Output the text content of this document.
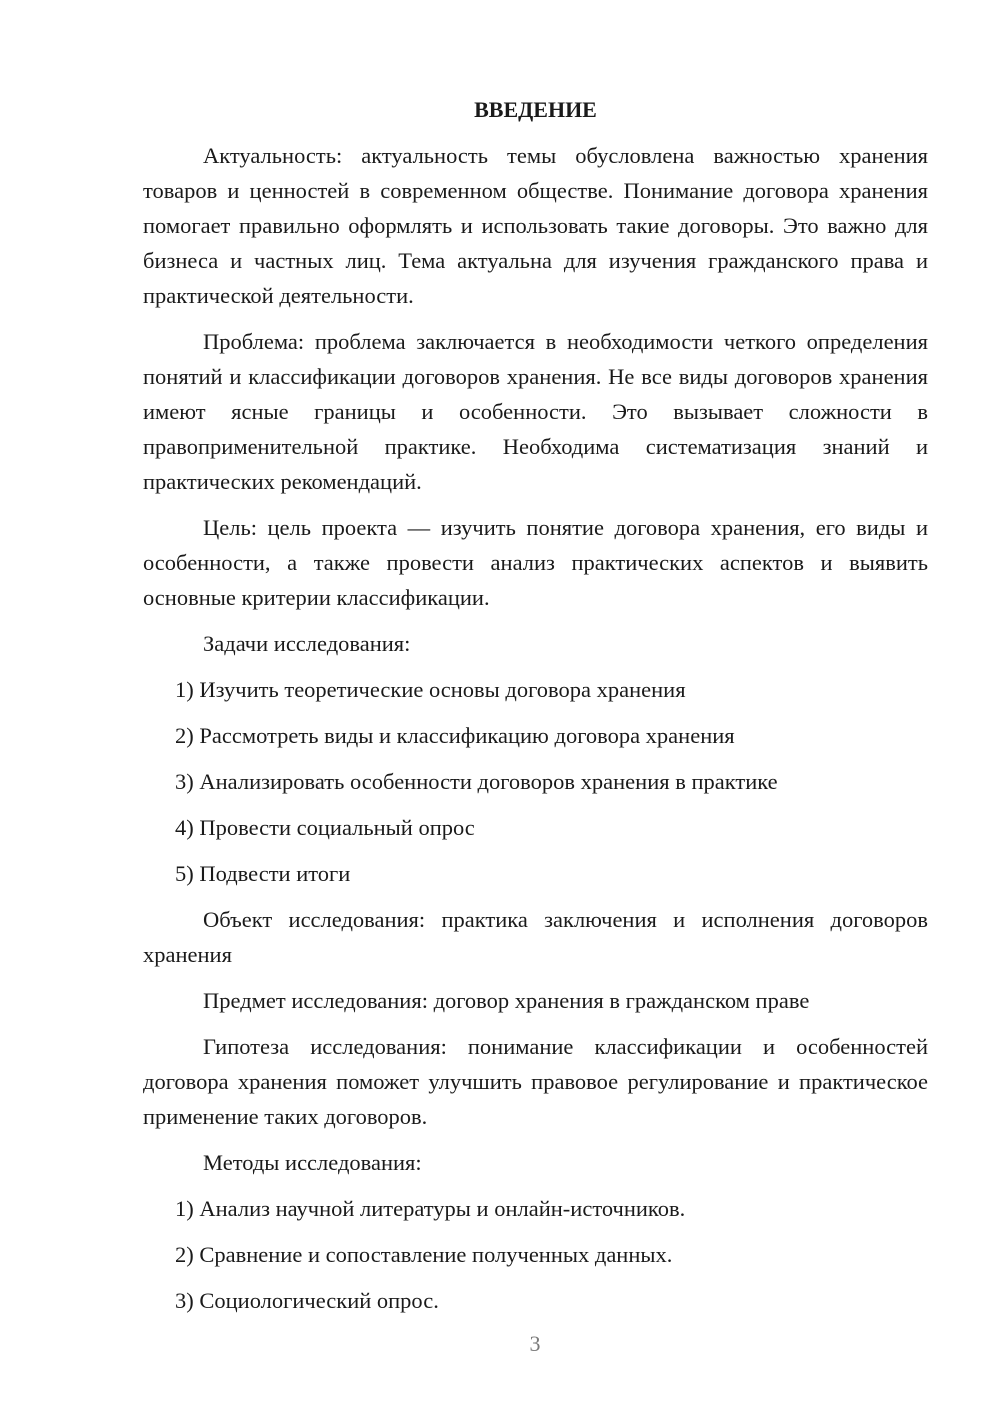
ВВЕДЕНИЕ

Актуальность: актуальность темы обусловлена важностью хранения товаров и ценностей в современном обществе. Понимание договора хранения помогает правильно оформлять и использовать такие договоры. Это важно для бизнеса и частных лиц. Тема актуальна для изучения гражданского права и практической деятельности.

Проблема: проблема заключается в необходимости четкого определения понятий и классификации договоров хранения. Не все виды договоров хранения имеют ясные границы и особенности. Это вызывает сложности в правоприменительной практике. Необходима систематизация знаний и практических рекомендаций.

Цель: цель проекта — изучить понятие договора хранения, его виды и особенности, а также провести анализ практических аспектов и выявить основные критерии классификации.

Задачи исследования:

1) Изучить теоретические основы договора хранения
2) Рассмотреть виды и классификацию договора хранения
3) Анализировать особенности договоров хранения в практике
4) Провести социальный опрос
5) Подвести итоги

Объект исследования: практика заключения и исполнения договоров хранения

Предмет исследования: договор хранения в гражданском праве

Гипотеза исследования: понимание классификации и особенностей договора хранения поможет улучшить правовое регулирование и практическое применение таких договоров.

Методы исследования:

1) Анализ научной литературы и онлайн-источников.
2) Сравнение и сопоставление полученных данных.
3) Социологический опрос.
3
